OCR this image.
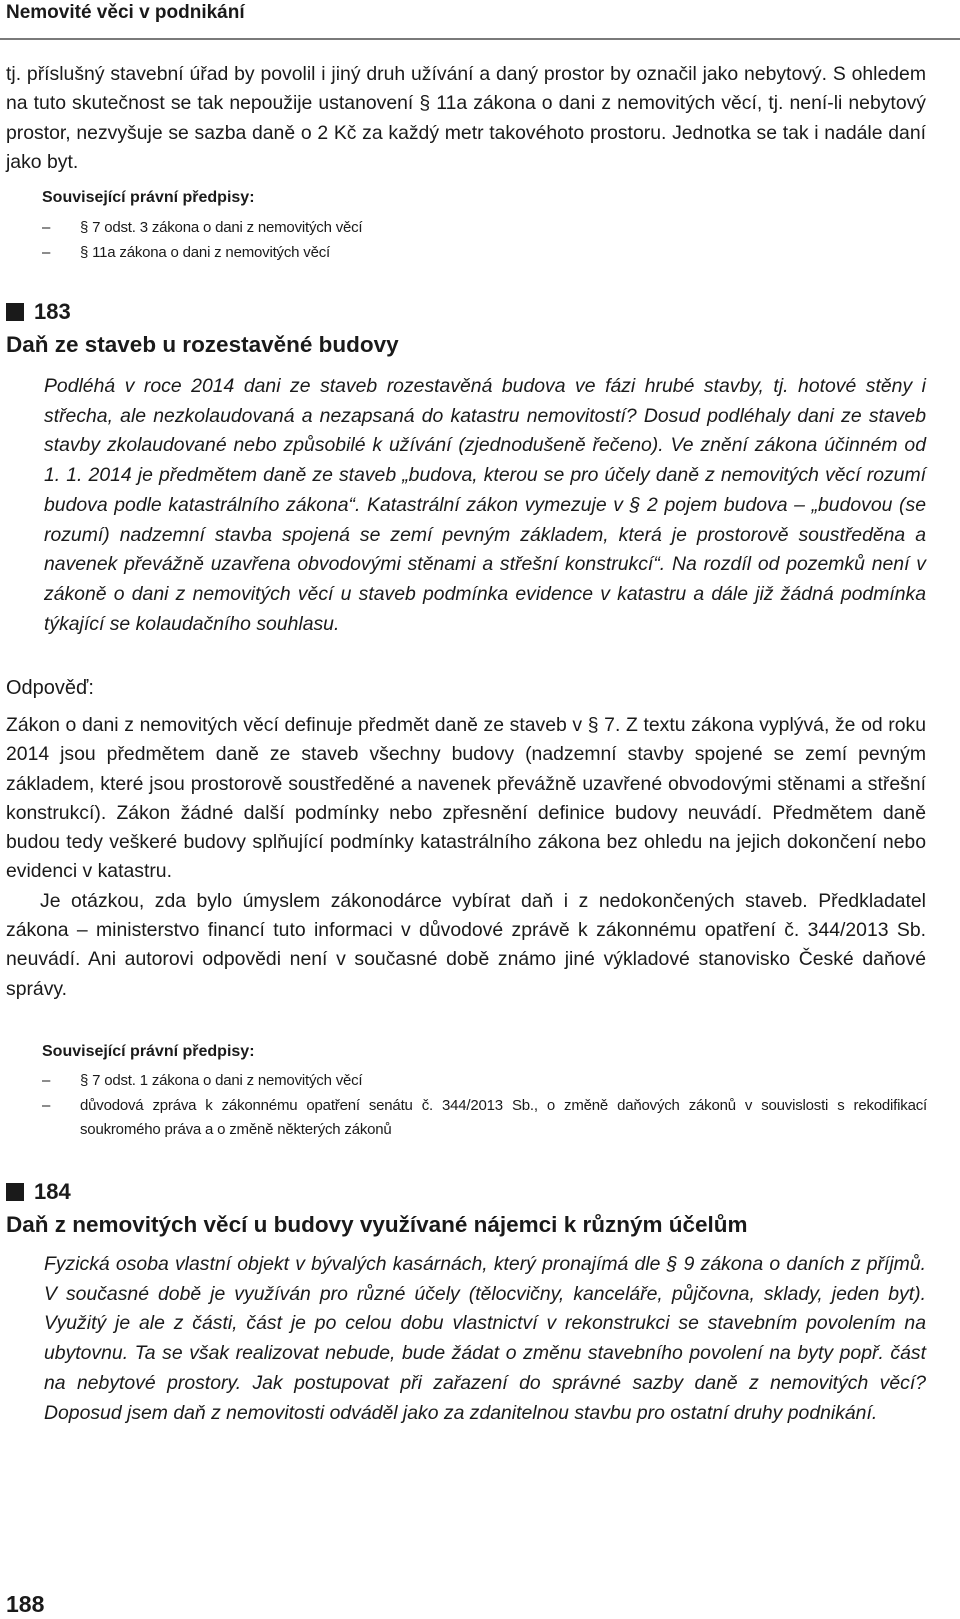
Nemovité věci v podnikání

tj. příslušný stavební úřad by povolil i jiný druh užívání a daný prostor by označil jako nebytový. S ohledem na tuto skutečnost se tak nepoužije ustanovení § 11a zákona o dani z nemovitých věcí, tj. není-li nebytový prostor, nezvyšuje se sazba daně o 2 Kč za každý metr takovéhoto prostoru. Jednotka se tak i nadále daní jako byt.

Související právní předpisy:
–	§ 7 odst. 3 zákona o dani z nemovitých věcí
–	§ 11a zákona o dani z nemovitých věcí
183
Daň ze staveb u rozestavěné budovy

Podléhá v roce 2014 dani ze staveb rozestavěná budova ve fázi hrubé stavby, tj. hotové stěny i střecha, ale nezkolaudovaná a nezapsaná do katastru nemovitostí? Dosud podléhaly dani ze staveb stavby zkolaudované nebo způsobilé k užívání (zjednodušeně řečeno). Ve znění zákona účinném od 1. 1. 2014 je předmětem daně ze staveb „budova, kterou se pro účely daně z nemovitých věcí rozumí budova podle katastrálního zákona“. Katastrální zákon vymezuje v § 2 pojem budova – „budovou (se rozumí) nadzemní stavba spojená se zemí pevným základem, která je prostorově soustředěna a navenek převážně uzavřena obvodovými stěnami a střešní konstrukcí“. Na rozdíl od pozemků není v zákoně o dani z nemovitých věcí u staveb podmínka evidence v katastru a dále již žádná podmínka týkající se kolaudačního souhlasu.

Odpověď:

Zákon o dani z nemovitých věcí definuje předmět daně ze staveb v § 7. Z textu zákona vyplývá, že od roku 2014 jsou předmětem daně ze staveb všechny budovy (nadzemní stavby spojené se zemí pevným základem, které jsou prostorově soustředěné a navenek převážně uzavřené obvodovými stěnami a střešní konstrukcí). Zákon žádné další podmínky nebo zpřesnění definice budovy neuvádí. Předmětem daně budou tedy veškeré budovy splňující podmínky katastrálního zákona bez ohledu na jejich dokončení nebo evidenci v katastru.

Je otázkou, zda bylo úmyslem zákonodárce vybírat daň i z nedokončených staveb. Předkladatel zákona – ministerstvo financí tuto informaci v důvodové zprávě k zákonnému opatření č. 344/2013 Sb. neuvádí. Ani autorovi odpovědi není v současné době známo jiné výkladové stanovisko České daňové správy.

Související právní předpisy:
–	§ 7 odst. 1 zákona o dani z nemovitých věcí
–	důvodová zpráva k zákonnému opatření senátu č. 344/2013 Sb., o změně daňových zákonů v souvislosti s rekodifikací soukromého práva a o změně některých zákonů
184
Daň z nemovitých věcí u budovy využívané nájemci k různým účelům

Fyzická osoba vlastní objekt v bývalých kasárnách, který pronajímá dle § 9 zákona o daních z příjmů. V současné době je využíván pro různé účely (tělocvičny, kanceláře, půjčovna, sklady, jeden byt). Využitý je ale z části, část je po celou dobu vlastnictví v rekonstrukci se stavebním povolením na ubytovnu. Ta se však realizovat nebude, bude žádat o změnu stavebního povolení na byty popř. část na nebytové prostory. Jak postupovat při zařazení do správné sazby daně z nemovitých věcí? Doposud jsem daň z nemovitosti odváděl jako za zdanitelnou stavbu pro ostatní druhy podnikání.

188
